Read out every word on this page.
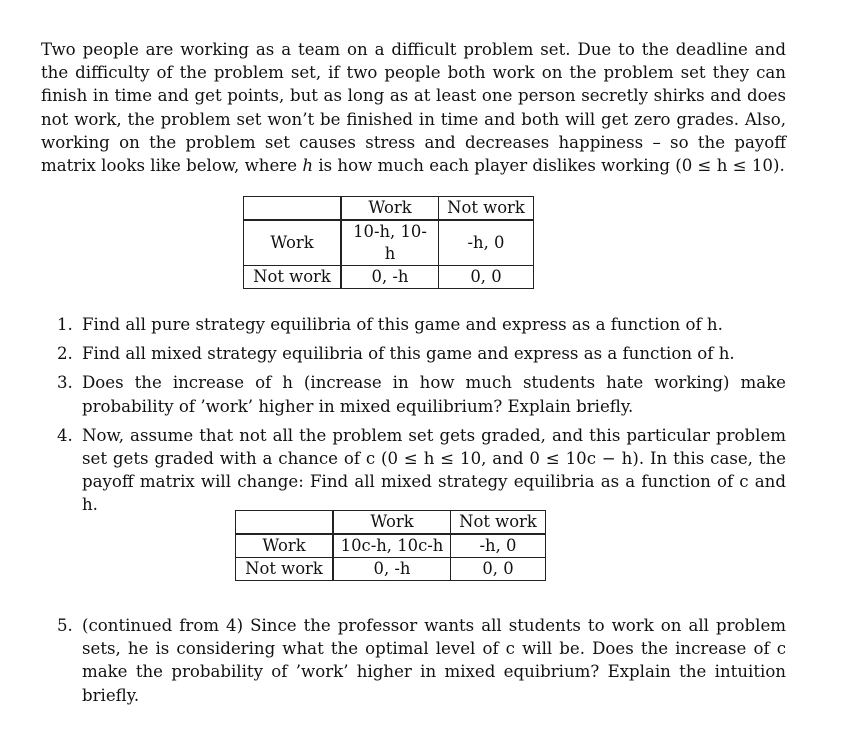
Two people are working as a team on a difficult problem set. Due to the deadline and the difficulty of the problem set, if two people both work on the problem set they can finish in time and get points, but as long as at least one person secretly shirks and does not work, the problem set won’t be finished in time and both will get zero grades. Also, working on the problem set causes stress and decreases happiness – so the payoff matrix looks like below, where h is how much each player dislikes working (0 ≤ h ≤ 10).

	Work	Not work
Work	10-h, 10-h	-h, 0
Not work	0, -h	0, 0
1. Find all pure strategy equilibria of this game and express as a function of h.
2. Find all mixed strategy equilibria of this game and express as a function of h.
3. Does the increase of h (increase in how much students hate working) make probability of ’work’ higher in mixed equilibrium? Explain briefly.
4. Now, assume that not all the problem set gets graded, and this particular problem set gets graded with a chance of c (0 ≤ h ≤ 10, and 0 ≤ 10c − h). In this case, the payoff matrix will change: Find all mixed strategy equilibria as a function of c and h.
	Work	Not work
Work	10c-h, 10c-h	-h, 0
Not work	0, -h	0, 0
5. (continued from 4) Since the professor wants all students to work on all problem sets, he is considering what the optimal level of c will be. Does the increase of c make the probability of ’work’ higher in mixed equibrium? Explain the intuition briefly.
